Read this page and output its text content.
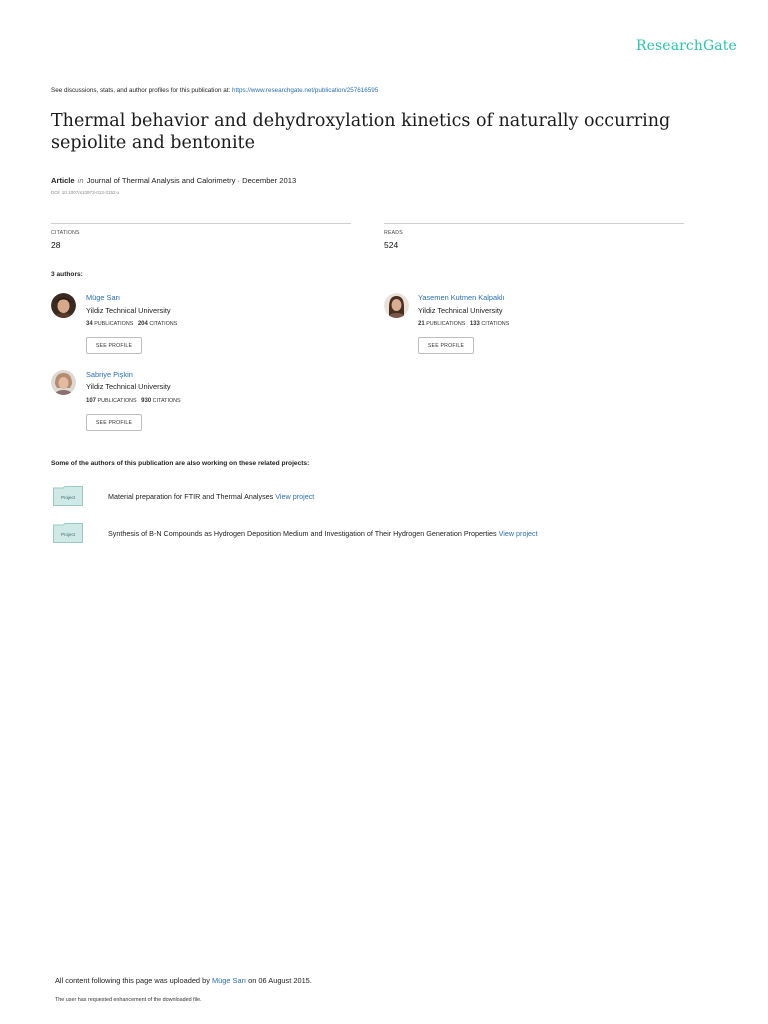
ResearchGate
See discussions, stats, and author profiles for this publication at: https://www.researchgate.net/publication/257616595
Thermal behavior and dehydroxylation kinetics of naturally occurring sepiolite and bentonite
Article in Journal of Thermal Analysis and Calorimetry · December 2013
DOI: 10.1007/s10973-013-3152-x
CITATIONS
28
READS
524
3 authors:
Müge Sarı
Yildiz Technical University
34 PUBLICATIONS 204 CITATIONS
SEE PROFILE
Yasemen Kutmen Kalpaklı
Yildiz Technical University
21 PUBLICATIONS 133 CITATIONS
SEE PROFILE
Sabriye Pişkin
Yildiz Technical University
107 PUBLICATIONS 930 CITATIONS
SEE PROFILE
Some of the authors of this publication are also working on these related projects:
Project	Material preparation for FTIR and Thermal Analyses View project
Project	Synthesis of B-N Compounds as Hydrogen Deposition Medium and Investigation of Their Hydrogen Generation Properties View project
All content following this page was uploaded by Müge Sarı on 06 August 2015.
The user has requested enhancement of the downloaded file.
